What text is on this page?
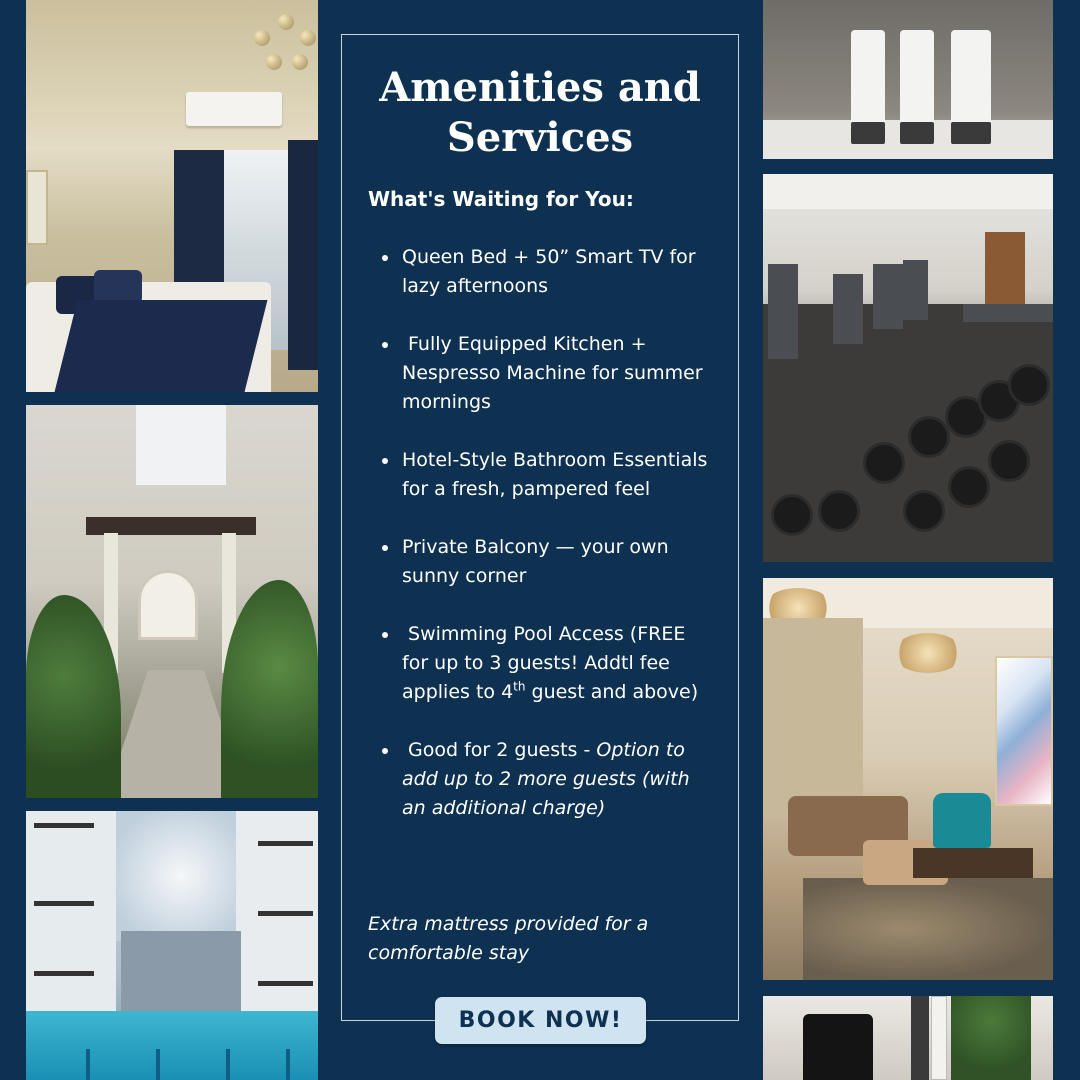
Amenities and Services
What's Waiting for You:
Queen Bed + 50” Smart TV for lazy afternoons
Fully Equipped Kitchen + Nespresso Machine for summer mornings
Hotel-Style Bathroom Essentials for a fresh, pampered feel
Private Balcony — your own sunny corner
Swimming Pool Access (FREE for up to 3 guests! Addtl fee applies to 4th guest and above)
Good for 2 guests - Option to add up to 2 more guests (with an additional charge)
Extra mattress provided for a comfortable stay
BOOK NOW!
